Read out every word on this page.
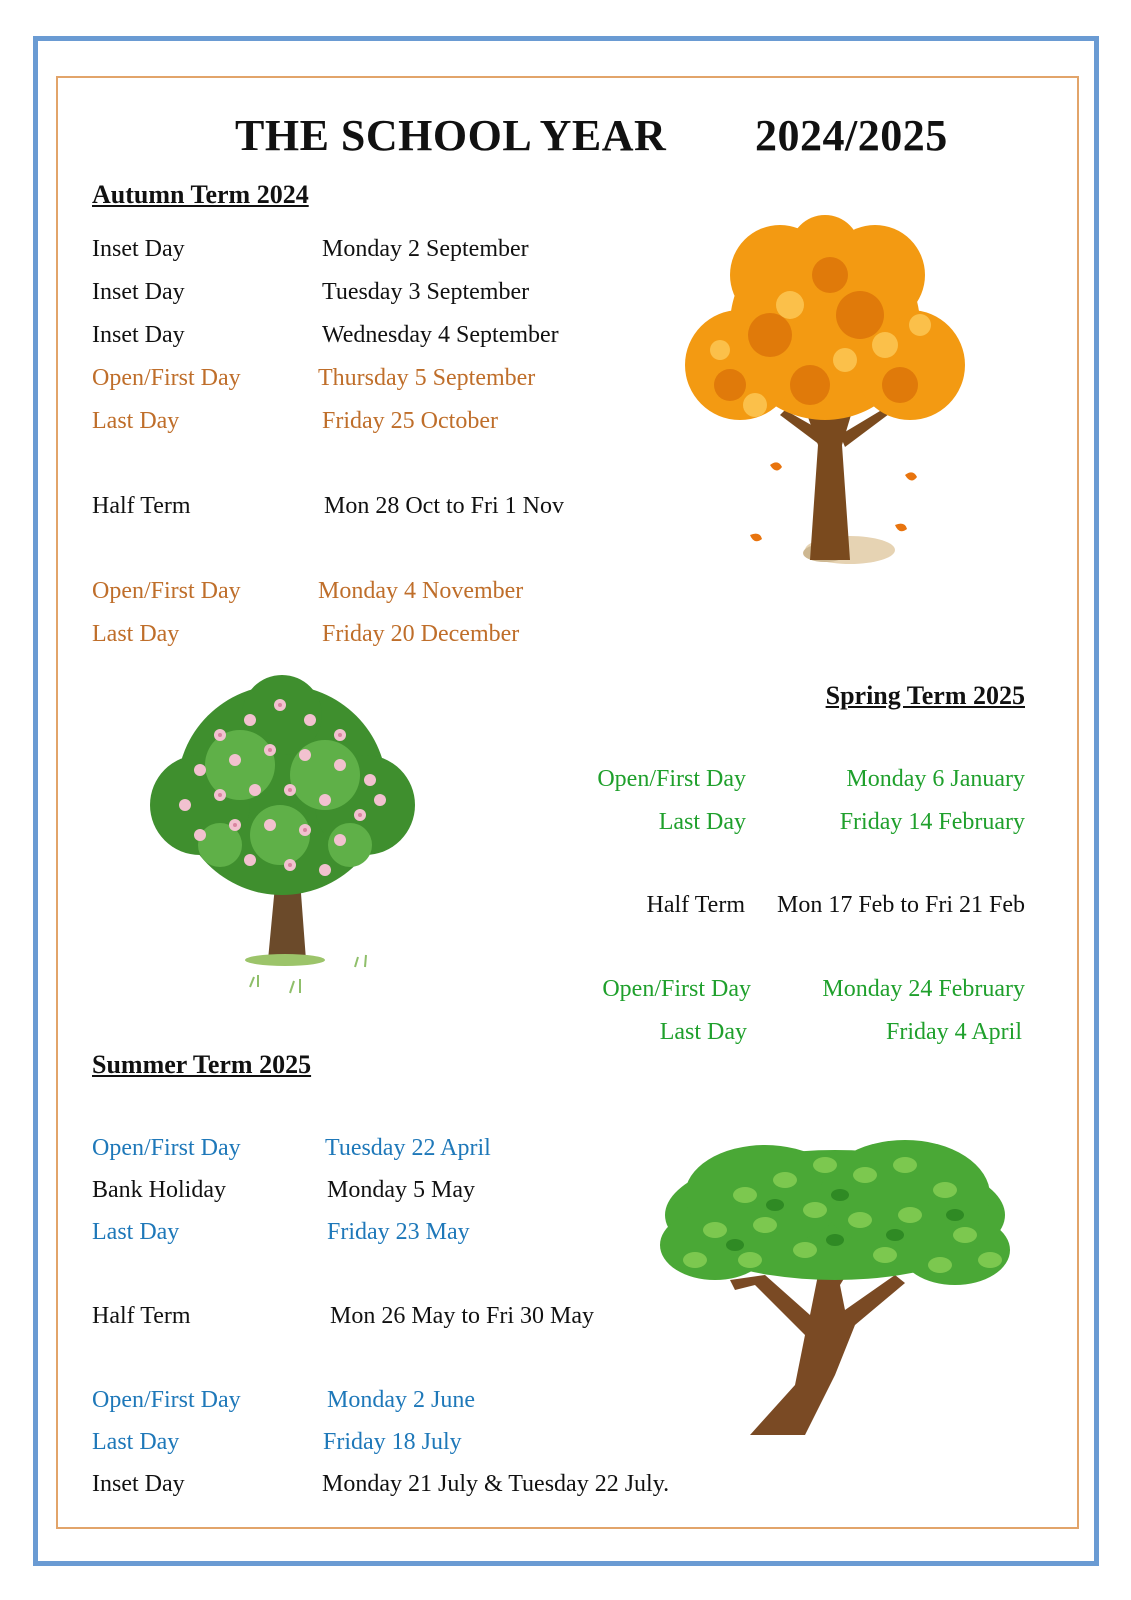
THE SCHOOL YEAR 2024/2025
Autumn Term 2024
Inset Day	Monday 2 September
Inset Day	Tuesday 3 September
Inset Day	Wednesday 4 September
Open/First Day	Thursday 5 September
Last Day	Friday 25 October
Half Term	Mon 28 Oct to Fri 1 Nov
Open/First Day	Monday 4 November
Last Day	Friday 20 December
Spring Term 2025
Open/First Day	Monday 6 January
Last Day	Friday 14 February
Half Term	Mon 17 Feb to Fri 21 Feb
Open/First Day	Monday 24 February
Last Day	Friday 4 April
Summer Term 2025
Open/First Day	Tuesday 22 April
Bank Holiday	Monday 5 May
Last Day	Friday 23 May
Half Term	Mon 26 May to Fri 30 May
Open/First Day	Monday 2 June
Last Day	Friday 18 July
Inset Day	Monday 21 July & Tuesday 22 July.
